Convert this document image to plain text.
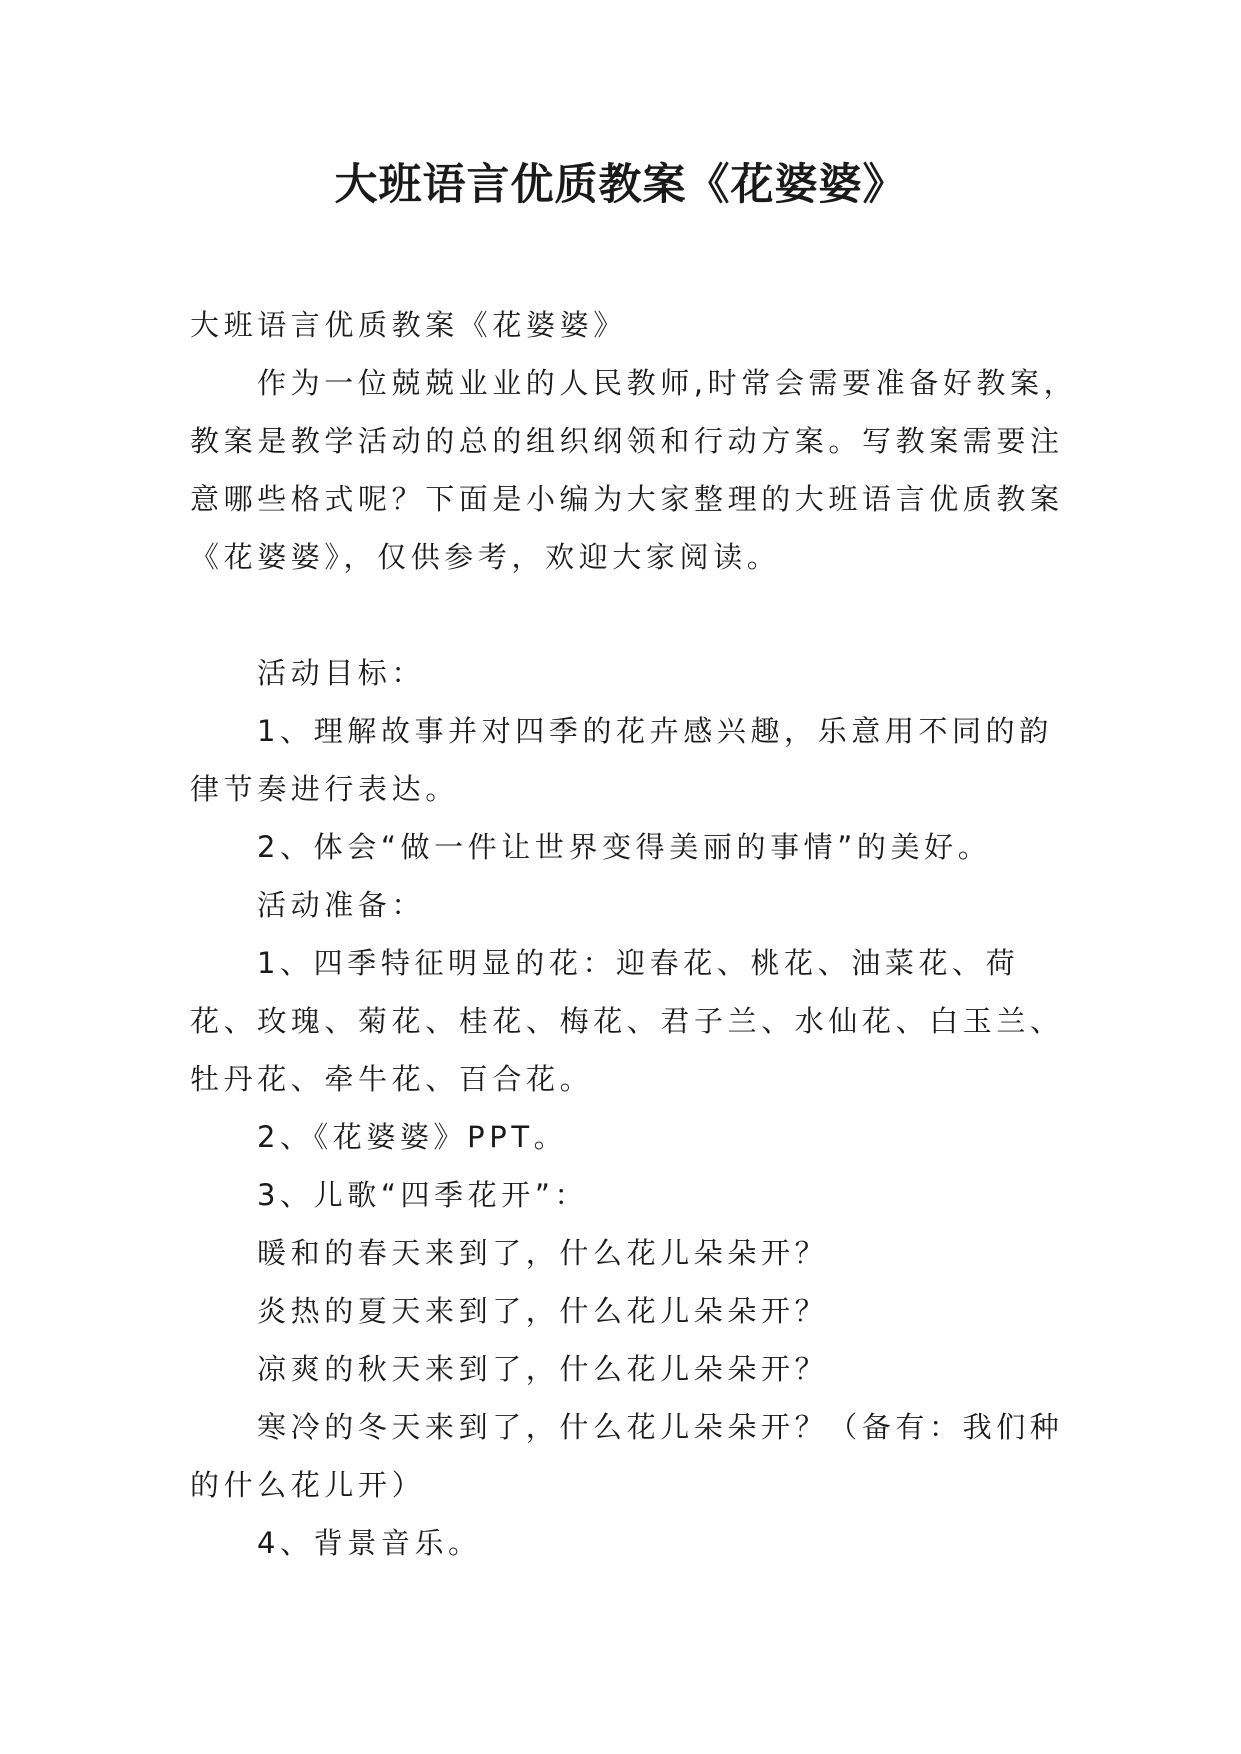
大班语言优质教案《花婆婆》

大班语言优质教案《花婆婆》

作为一位兢兢业业的人民教师,时常会需要准备好教案，教案是教学活动的总的组织纲领和行动方案。写教案需要注意哪些格式呢？下面是小编为大家整理的大班语言优质教案《花婆婆》，仅供参考，欢迎大家阅读。

活动目标：

1、理解故事并对四季的花卉感兴趣，乐意用不同的韵律节奏进行表达。

2、体会“做一件让世界变得美丽的事情”的美好。

活动准备：

1、四季特征明显的花：迎春花、桃花、油菜花、荷花、玫瑰、菊花、桂花、梅花、君子兰、水仙花、白玉兰、牡丹花、牵牛花、百合花。

2、《花婆婆》PPT。

3、儿歌“四季花开”：

暖和的春天来到了，什么花儿朵朵开？

炎热的夏天来到了，什么花儿朵朵开？

凉爽的秋天来到了，什么花儿朵朵开？

寒冷的冬天来到了，什么花儿朵朵开？（备有：我们种的什么花儿开）

4、背景音乐。
